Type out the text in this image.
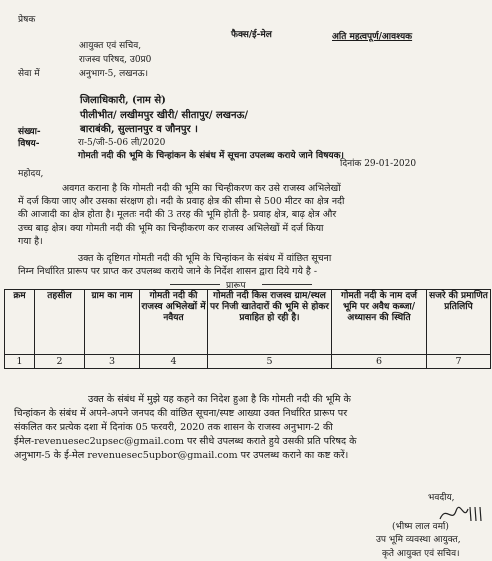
प्रेषक
फैक्स/ई-मेल	अति महत्वपूर्ण/आवश्यक
आयुक्त एवं सचिव,
राजस्व परिषद, उ0प्र0
अनुभाग-5, लखनऊ।
सेवा में
जिलाधिकारी, (नाम से)
पीलीभीत/ लखीमपुर खीरी/ सीतापुर/ लखनऊ/
बाराबंकी, सुल्तानपुर व जौनपुर ।
संख्या-
रा-5/जी-5-06 ली/2020
विषय-
गोमती नदी की भूमि के चिन्हांकन के संबंध में सूचना उपलब्ध कराये जाने विषयक।
दिनांक 29-01-2020
महोदय,
अवगत कराना है कि गोमती नदी की भूमि का चिन्हीकरण कर उसे राजस्व अभिलेखों
में दर्ज किया जाए और उसका संरक्षण हो। नदी के प्रवाह क्षेत्र की सीमा से 500 मीटर का क्षेत्र नदी
की आजादी का क्षेत्र होता है। मूलतः नदी की 3 तरह की भूमि होती है- प्रवाह क्षेत्र, बाढ़ क्षेत्र और
उच्च बाढ़ क्षेत्र। क्या गोमती नदी की भूमि का चिन्हीकरण कर राजस्व अभिलेखों में दर्ज किया
गया है।
उक्त के दृष्टिगत गोमती नदी की भूमि के चिन्हांकन के संबंध में वांछित सूचना
निम्न निर्धारित प्रारूप पर प्राप्त कर उपलब्ध कराये जाने के निर्देश शासन द्वारा दिये गये है -
प्रारूप
क्रम	तहसील	ग्राम का नाम	गोमती नदी की राजस्व अभिलेखों में नवैयत	गोमती नदी किस राजस्व ग्राम/स्थल पर निजी खातेदारों की भूमि से होकर प्रवाहित हो रही है।	गोमती नदी के नाम दर्ज भूमि पर अवैध कब्जा/अध्यासन की स्थिति	सजरे की प्रमाणित प्रतिलिपि
1	2	3	4	5	6	7
उक्त के संबंध में मुझे यह कहने का निदेश हुआ है कि गोमती नदी की भूमि के
चिन्हांकन के संबंध में अपने-अपने जनपद की वांछित सूचना/स्पष्ट आख्या उक्त निर्धारित प्रारूप पर
संकलित कर प्रत्येक दशा में दिनांक 05 फरवरी, 2020 तक शासन के राजस्व अनुभाग-2 की
ईमेल-revenuesec2upsec@gmail.com पर सीधे उपलब्ध कराते हुये उसकी प्रति परिषद के
अनुभाग-5 के ई-मेल revenuesec5upbor@gmail.com पर उपलब्ध कराने का कष्ट करें।
भवदीय,
(भीष्म लाल वर्मा)
उप भूमि व्यवस्था आयुक्त,
कृते आयुक्त एवं सचिव।
